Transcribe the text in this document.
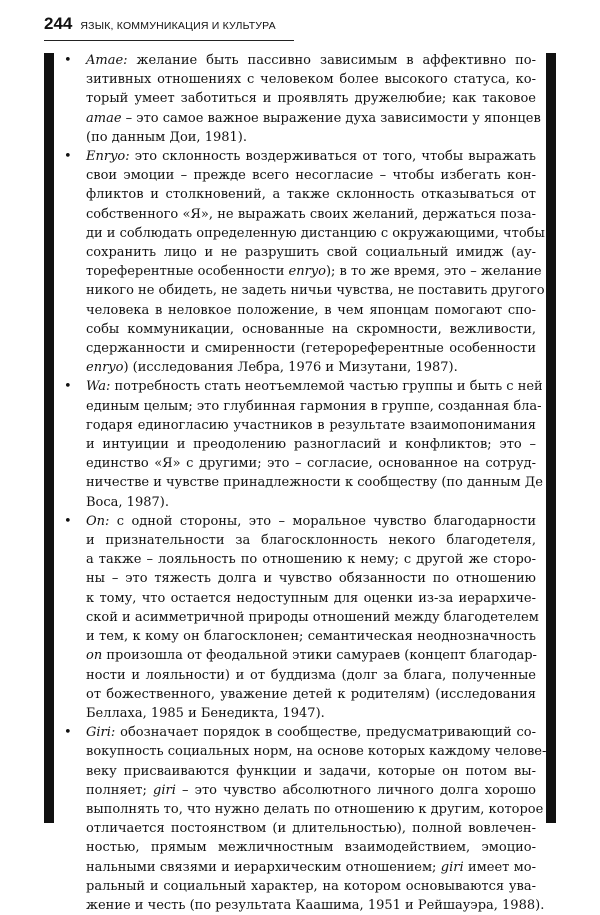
244 ЯЗЫК, КОММУНИКАЦИЯ И КУЛЬТУРА
• Amae: желание быть пассивно зависимым в аффективно по-
зитивных отношениях с человеком более высокого статуса, ко-
торый умеет заботиться и проявлять дружелюбие; как таковое
amae – это самое важное выражение духа зависимости у японцев
(по данным Дои, 1981).
• Enryo: это склонность воздерживаться от того, чтобы выражать
свои эмоции – прежде всего несогласие – чтобы избегать кон-
фликтов и столкновений, а также склонность отказываться от
собственного «Я», не выражать своих желаний, держаться поза-
ди и соблюдать определенную дистанцию с окружающими, чтобы
сохранить лицо и не разрушить свой социальный имидж (ау-
тореферентные особенности enryo); в то же время, это – желание
никого не обидеть, не задеть ничьи чувства, не поставить другого
человека в неловкое положение, в чем японцам помогают спо-
собы коммуникации, основанные на скромности, вежливости,
сдержанности и смиренности (гетерореферентные особенности
enryo) (исследования Лебра, 1976 и Мизутани, 1987).
• Wa: потребность стать неотъемлемой частью группы и быть с ней
единым целым; это глубинная гармония в группе, созданная бла-
годаря единогласию участников в результате взаимопонимания
и интуиции и преодолению разногласий и конфликтов; это –
единство «Я» с другими; это – согласие, основанное на сотруд-
ничестве и чувстве принадлежности к сообществу (по данным Де
Воса, 1987).
• On: с одной стороны, это – моральное чувство благодарности
и признательности за благосклонность некого благодетеля,
а также – лояльность по отношению к нему; с другой же сторо-
ны – это тяжесть долга и чувство обязанности по отношению
к тому, что остается недоступным для оценки из-за иерархиче-
ской и асимметричной природы отношений между благодетелем
и тем, к кому он благосклонен; семантическая неоднозначность
on произошла от феодальной этики самураев (концепт благодар-
ности и лояльности) и от буддизма (долг за блага, полученные
от божественного, уважение детей к родителям) (исследования
Беллаха, 1985 и Бенедикта, 1947).
• Giri: обозначает порядок в сообществе, предусматривающий со-
вокупность социальных норм, на основе которых каждому челове-
веку присваиваются функции и задачи, которые он потом вы-
полняет; giri – это чувство абсолютного личного долга хорошо
выполнять то, что нужно делать по отношению к другим, которое
отличается постоянством (и длительностью), полной вовлечен-
ностью, прямым межличностным взаимодействием, эмоцио-
нальными связями и иерархическим отношением; giri имеет мо-
ральный и социальный характер, на котором основываются ува-
жение и честь (по результата Каашима, 1951 и Рейшауэра, 1988).
